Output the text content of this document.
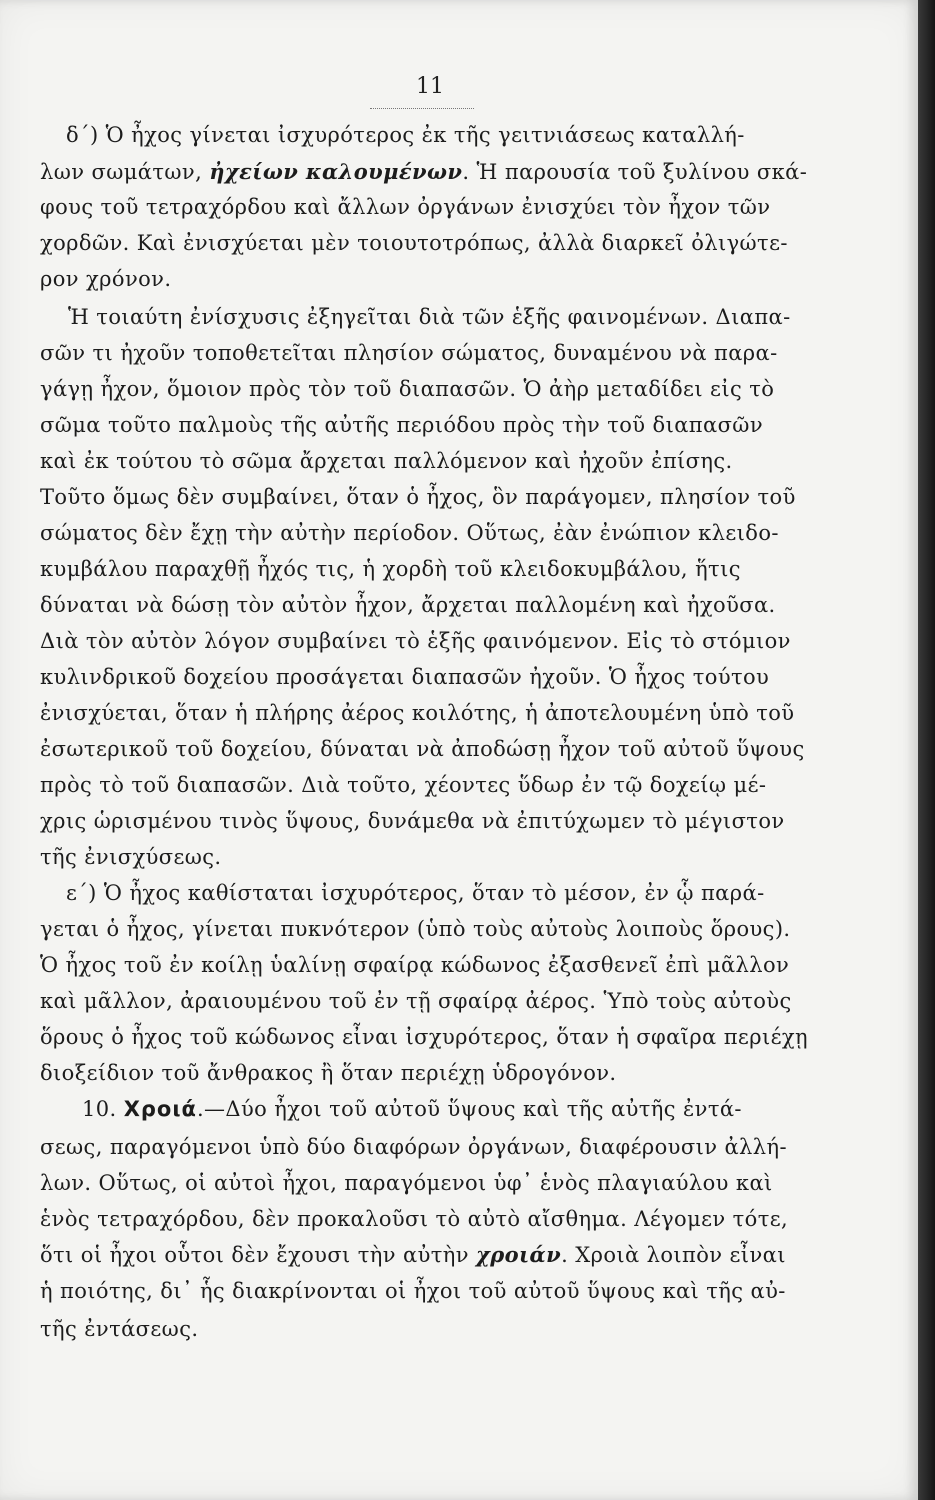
11
δ΄) Ὁ ἦχος γίνεται ἰσχυρότερος ἐκ τῆς γειτνιάσεως καταλλή-
λων σωμάτων, ἠχείων καλουμένων. Ἡ παρουσία τοῦ ξυλίνου σκά-
φους τοῦ τετραχόρδου καὶ ἄλλων ὀργάνων ἐνισχύει τὸν ἦχον τῶν
χορδῶν. Καὶ ἐνισχύεται μὲν τοιουτοτρόπως, ἀλλὰ διαρκεῖ ὀλιγώτε-
ρον χρόνον.
Ἡ τοιαύτη ἐνίσχυσις ἐξηγεῖται διὰ τῶν ἑξῆς φαινομένων. Διαπα-
σῶν τι ἠχοῦν τοποθετεῖται πλησίον σώματος, δυναμένου νὰ παρα-
γάγῃ ἦχον, ὅμοιον πρὸς τὸν τοῦ διαπασῶν. Ὁ ἀὴρ μεταδίδει εἰς τὸ
σῶμα τοῦτο παλμοὺς τῆς αὐτῆς περιόδου πρὸς τὴν τοῦ διαπασῶν
καὶ ἐκ τούτου τὸ σῶμα ἄρχεται παλλόμενον καὶ ἠχοῦν ἐπίσης.
Τοῦτο ὅμως δὲν συμβαίνει, ὅταν ὁ ἦχος, ὃν παράγομεν, πλησίον τοῦ
σώματος δὲν ἔχῃ τὴν αὐτὴν περίοδον. Οὕτως, ἐὰν ἐνώπιον κλειδο-
κυμβάλου παραχθῇ ἦχός τις, ἡ χορδὴ τοῦ κλειδοκυμβάλου, ἥτις
δύναται νὰ δώσῃ τὸν αὐτὸν ἦχον, ἄρχεται παλλομένη καὶ ἠχοῦσα.
Διὰ τὸν αὐτὸν λόγον συμβαίνει τὸ ἑξῆς φαινόμενον. Εἰς τὸ στόμιον
κυλινδρικοῦ δοχείου προσάγεται διαπασῶν ἠχοῦν. Ὁ ἦχος τούτου
ἐνισχύεται, ὅταν ἡ πλήρης ἀέρος κοιλότης, ἡ ἀποτελουμένη ὑπὸ τοῦ
ἐσωτερικοῦ τοῦ δοχείου, δύναται νὰ ἀποδώσῃ ἦχον τοῦ αὐτοῦ ὕψους
πρὸς τὸ τοῦ διαπασῶν. Διὰ τοῦτο, χέοντες ὕδωρ ἐν τῷ δοχείῳ μέ-
χρις ὡρισμένου τινὸς ὕψους, δυνάμεθα νὰ ἐπιτύχωμεν τὸ μέγιστον
τῆς ἐνισχύσεως.
ε΄) Ὁ ἦχος καθίσταται ἰσχυρότερος, ὅταν τὸ μέσον, ἐν ᾧ παρά-
γεται ὁ ἦχος, γίνεται πυκνότερον (ὑπὸ τοὺς αὐτοὺς λοιποὺς ὅρους).
Ὁ ἦχος τοῦ ἐν κοίλῃ ὑαλίνῃ σφαίρᾳ κώδωνος ἐξασθενεῖ ἐπὶ μᾶλλον
καὶ μᾶλλον, ἀραιουμένου τοῦ ἐν τῇ σφαίρᾳ ἀέρος. Ὑπὸ τοὺς αὐτοὺς
ὅρους ὁ ἦχος τοῦ κώδωνος εἶναι ἰσχυρότερος, ὅταν ἡ σφαῖρα περιέχῃ
διοξείδιον τοῦ ἄνθρακος ἢ ὅταν περιέχῃ ὑδρογόνον.
10. Χροιά.—Δύο ἦχοι τοῦ αὐτοῦ ὕψους καὶ τῆς αὐτῆς ἐντά-
σεως, παραγόμενοι ὑπὸ δύο διαφόρων ὀργάνων, διαφέρουσιν ἀλλή-
λων. Οὕτως, οἱ αὐτοὶ ἦχοι, παραγόμενοι ὑφ᾽ ἑνὸς πλαγιαύλου καὶ
ἑνὸς τετραχόρδου, δὲν προκαλοῦσι τὸ αὐτὸ αἴσθημα. Λέγομεν τότε,
ὅτι οἱ ἦχοι οὗτοι δὲν ἔχουσι τὴν αὐτὴν χροιάν. Χροιὰ λοιπὸν εἶναι
ἡ ποιότης, δι᾽ ἧς διακρίνονται οἱ ἦχοι τοῦ αὐτοῦ ὕψους καὶ τῆς αὐ-
τῆς ἐντάσεως.
